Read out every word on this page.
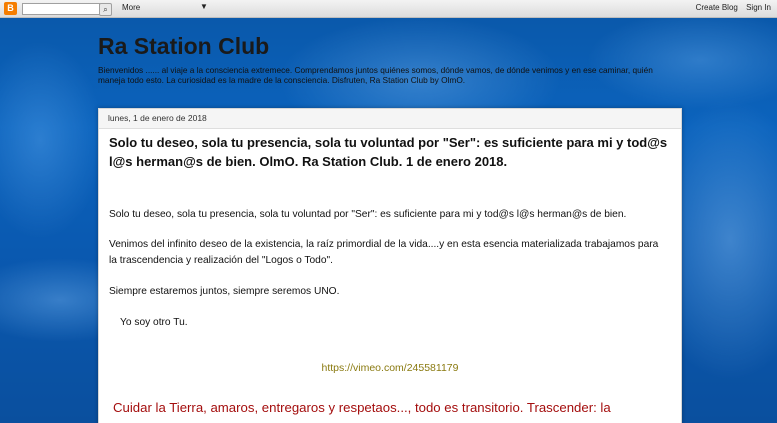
B	⌕	More	▼	Create Blog Sign In
Ra Station Club
Bienvenidos ...... al viaje a la consciencia extremece. Comprendamos juntos quiénes somos, dónde vamos, de dónde venimos y en ese caminar, quién maneja todo esto. La curiosidad es la madre de la consciencia. Disfruten, Ra Station Club by OlmO.
lunes, 1 de enero de 2018
Solo tu deseo, sola tu presencia, sola tu voluntad por "Ser": es suficiente para mi y tod@s l@s herman@s de bien. OlmO. Ra Station Club. 1 de enero 2018.
Solo tu deseo, sola tu presencia, sola tu voluntad por "Ser": es suficiente para mi y tod@s l@s herman@s de bien.
Venimos del infinito deseo de la existencia, la raíz primordial de la vida....y en esta esencia materializada trabajamos para la trascendencia y realización del "Logos o Todo".
Siempre estaremos juntos, siempre seremos UNO.
Yo soy otro Tu.
https://vimeo.com/245581179
Cuidar la Tierra, amaros, entregaros y respetaos..., todo es transitorio. Trascender: la
